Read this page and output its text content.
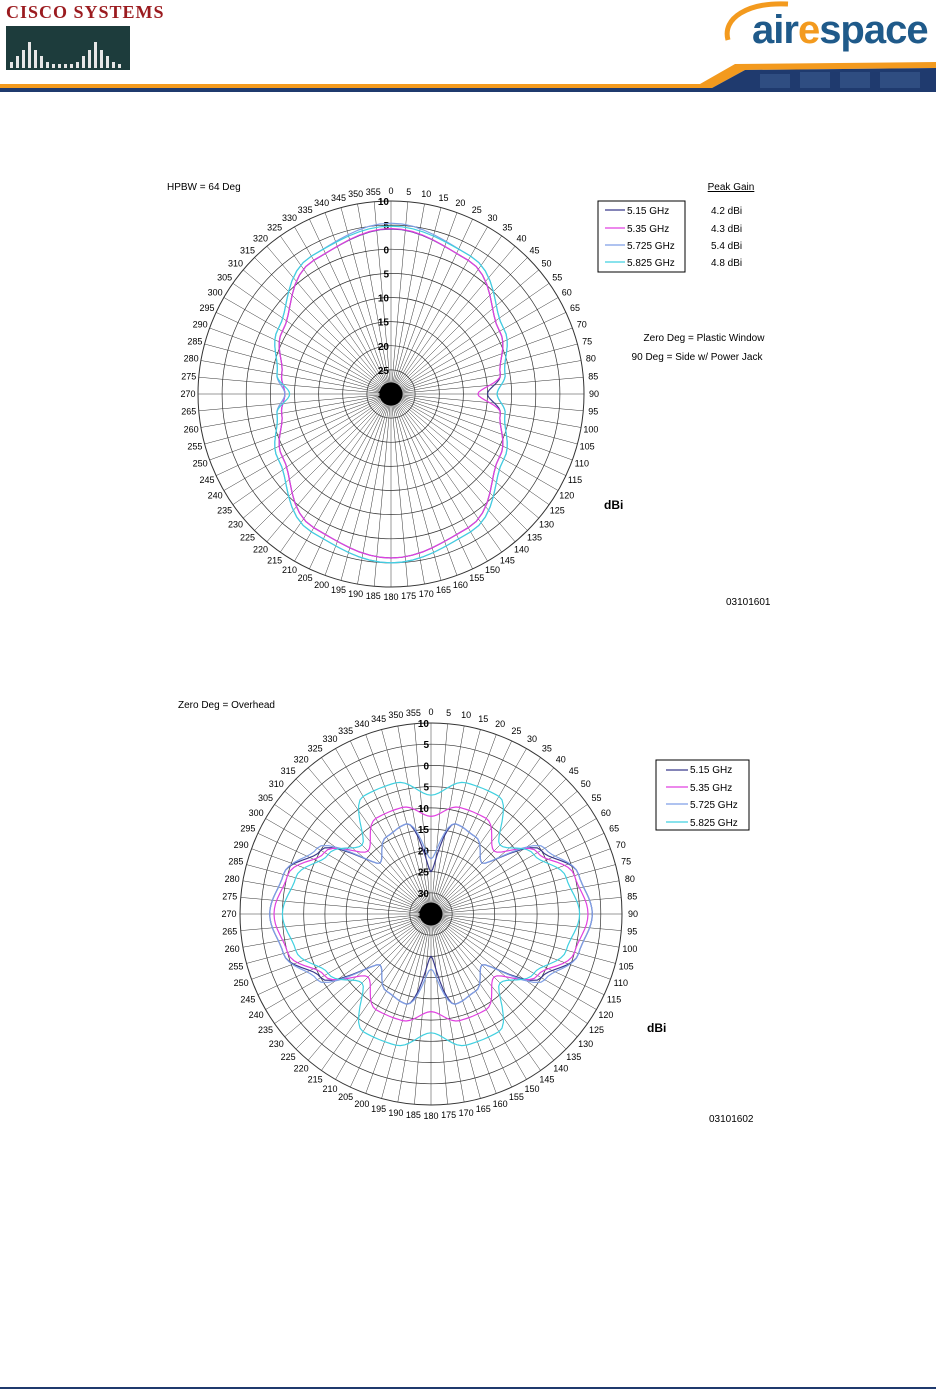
CISCO SYSTEMS	airespace
HPBW = 64 Deg	0 5 10 15
20
25
30
35
40
45
50
55
60
65
70
75
80
85
90
95
100
105
110
115
120
125
130
135
140
145
150
155
160
165
170
175
180
185
190
195
200
205
210
215
220
225
230
235
240
245
250
255
260
265
270
275
280
285
290
295
300
305
310
315
320
325
330
335
340
345 350 355
10
5
0
5
10
15
20
25
30
Peak Gain
5.15 GHz
5.35 GHz
5.725 GHz
5.825 GHz
4.2 dBi
4.3 dBi
5.4 dBi
4.8 dBi
Zero Deg = Plastic Window
90 Deg = Side w/ Power Jack
dBi
03101601
Zero Deg = Overhead
0 5 10 15
20
25
30
35
40
45
50
55
60
65
70
75
80
85
90
95
100
105
110
115
120
125
130
135
140
145
150
155
160
165
170
175
180
185
190
195
200
205
210
215
220
225
230
235
240
245
250
255
260
265
270
275
280
285
290
295
300
305
310
315
320
325
330
335
340
345 350 355
10
5
0
5
10
15
20
25
30
35
5.15 GHz
5.35 GHz
5.725 GHz
5.825 GHz
dBi
03101602
